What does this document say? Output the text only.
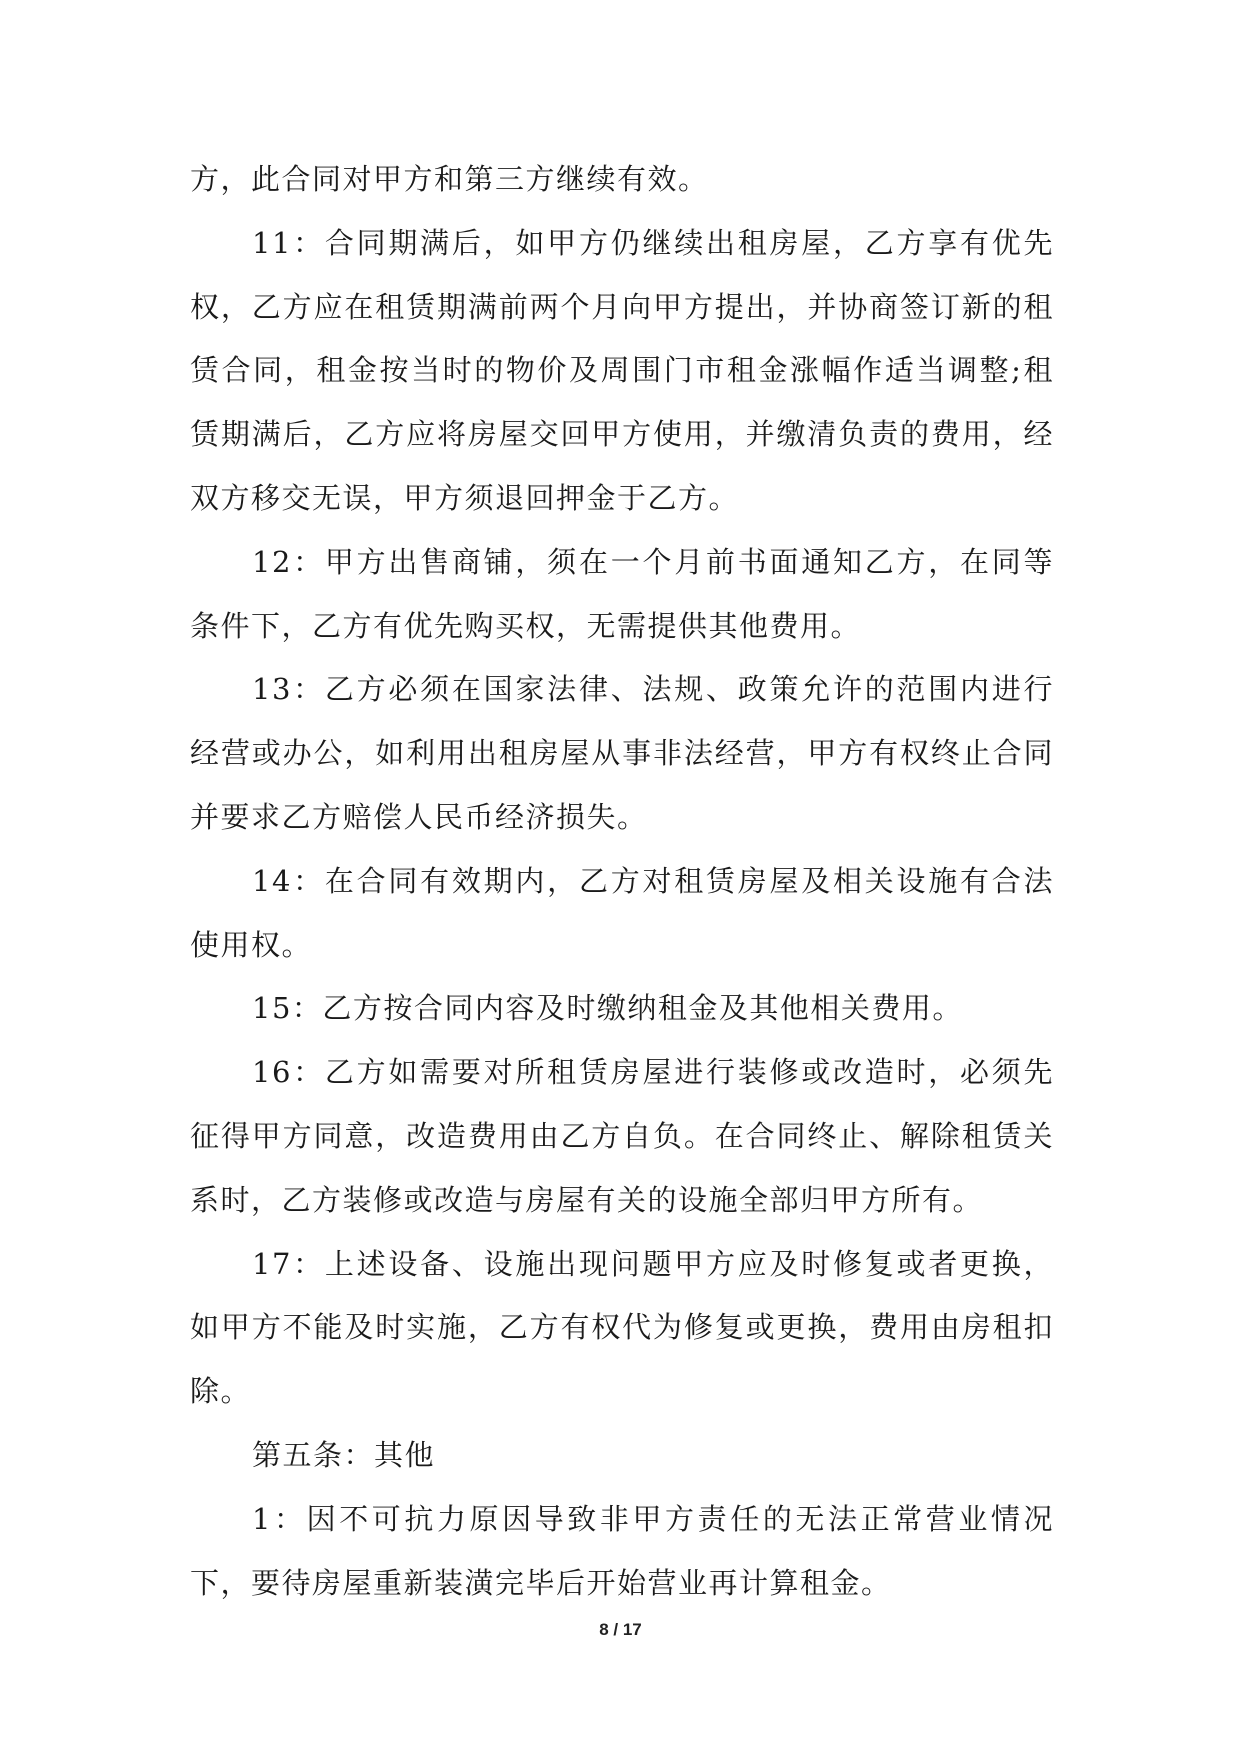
方，此合同对甲方和第三方继续有效。

11：合同期满后，如甲方仍继续出租房屋，乙方享有优先权，乙方应在租赁期满前两个月向甲方提出，并协商签订新的租赁合同，租金按当时的物价及周围门市租金涨幅作适当调整;租赁期满后，乙方应将房屋交回甲方使用，并缴清负责的费用，经双方移交无误，甲方须退回押金于乙方。

12：甲方出售商铺，须在一个月前书面通知乙方，在同等条件下，乙方有优先购买权，无需提供其他费用。

13：乙方必须在国家法律、法规、政策允许的范围内进行经营或办公，如利用出租房屋从事非法经营，甲方有权终止合同并要求乙方赔偿人民币经济损失。

14：在合同有效期内，乙方对租赁房屋及相关设施有合法使用权。

15：乙方按合同内容及时缴纳租金及其他相关费用。

16：乙方如需要对所租赁房屋进行装修或改造时，必须先征得甲方同意，改造费用由乙方自负。在合同终止、解除租赁关系时，乙方装修或改造与房屋有关的设施全部归甲方所有。

17：上述设备、设施出现问题甲方应及时修复或者更换，如甲方不能及时实施，乙方有权代为修复或更换，费用由房租扣除。

第五条：其他

1：因不可抗力原因导致非甲方责任的无法正常营业情况下，要待房屋重新装潢完毕后开始营业再计算租金。

8 / 17
